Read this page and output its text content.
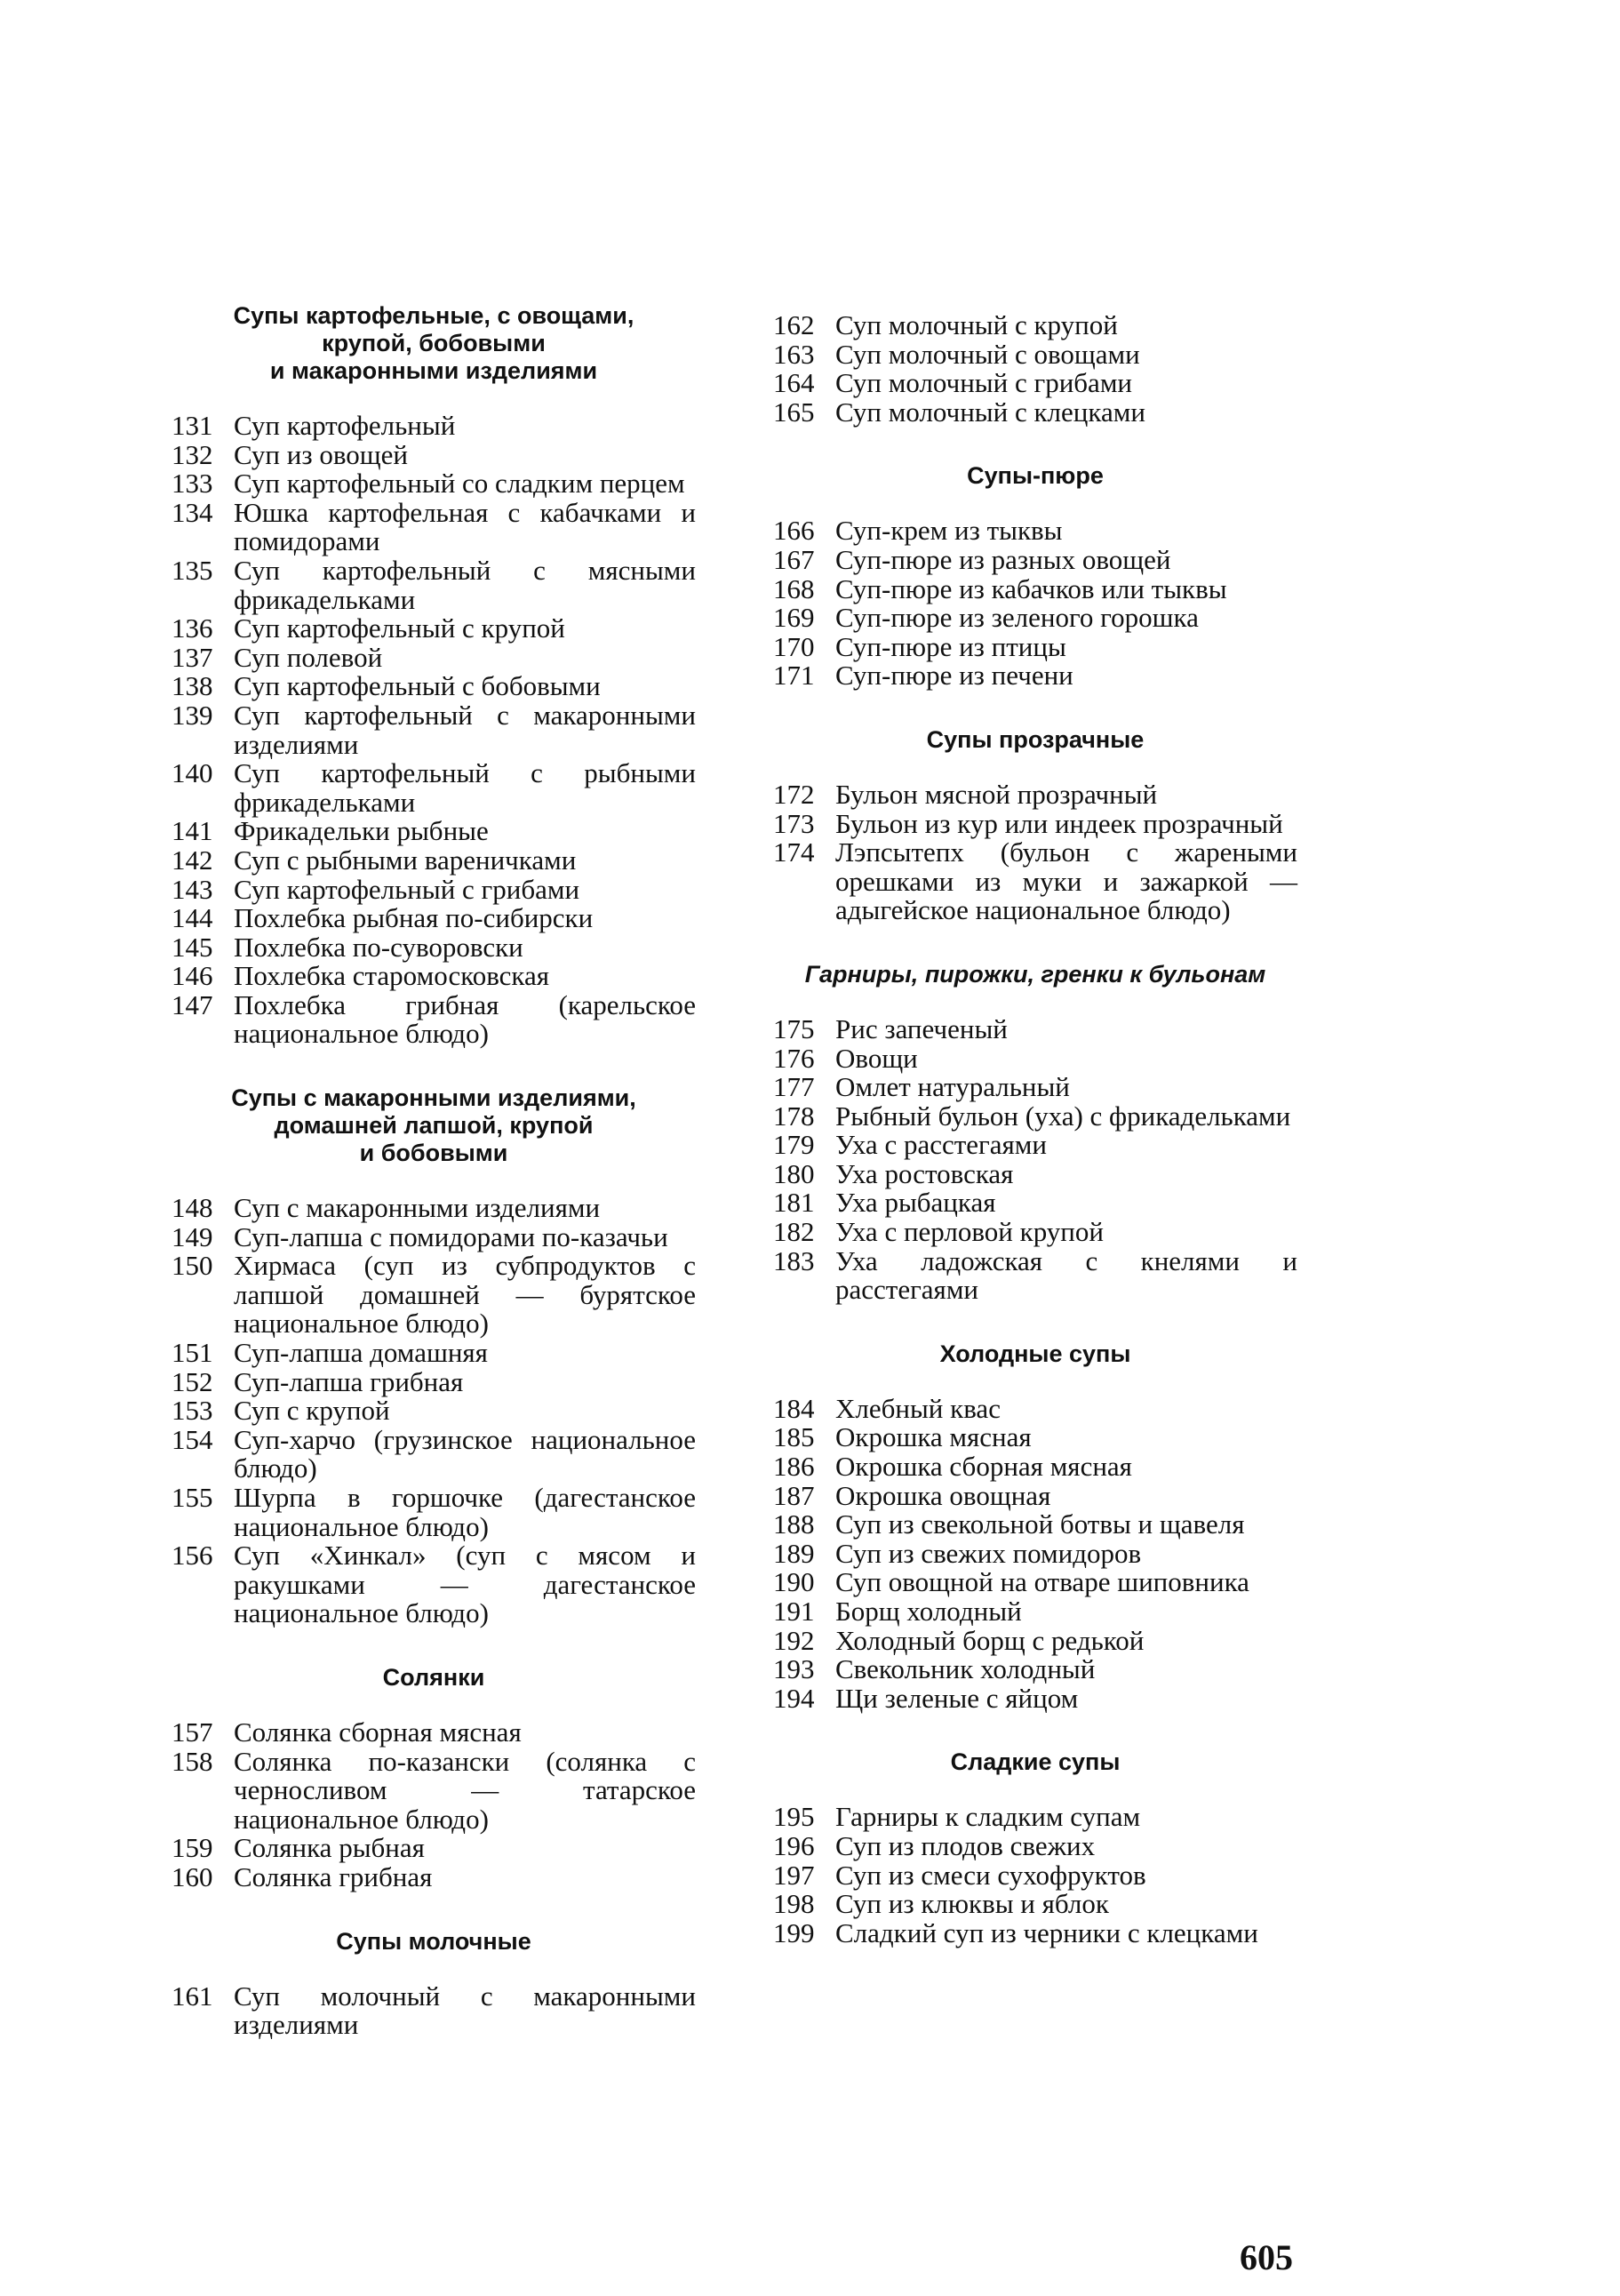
Супы картофельные, с овощами,
крупой, бобовыми
и макаронными изделиями
131 Суп картофельный
132 Суп из овощей
133 Суп картофельный со сладким перцем
134 Юшка картофельная с кабачками и помидорами
135 Суп картофельный с мясными фрикадельками
136 Суп картофельный с крупой
137 Суп полевой
138 Суп картофельный с бобовыми
139 Суп картофельный с макаронными изделиями
140 Суп картофельный с рыбными фрикадельками
141 Фрикадельки рыбные
142 Суп с рыбными вареничками
143 Суп картофельный с грибами
144 Похлебка рыбная по-сибирски
145 Похлебка по-суворовски
146 Похлебка старомосковская
147 Похлебка грибная (карельское национальное блюдо)
Супы с макаронными изделиями,
домашней лапшой, крупой
и бобовыми
148 Суп с макаронными изделиями
149 Суп-лапша с помидорами по-казачьи
150 Хирмаса (суп из субпродуктов с лапшой домашней — бурятское национальное блюдо)
151 Суп-лапша домашняя
152 Суп-лапша грибная
153 Суп с крупой
154 Суп-харчо (грузинское национальное блюдо)
155 Шурпа в горшочке (дагестанское национальное блюдо)
156 Суп «Хинкал» (суп с мясом и ракушками — дагестанское национальное блюдо)
Солянки
157 Солянка сборная мясная
158 Солянка по-казански (солянка с черносливом — татарское национальное блюдо)
159 Солянка рыбная
160 Солянка грибная
Супы молочные
161 Суп молочный с макаронными изделиями
162 Суп молочный с крупой
163 Суп молочный с овощами
164 Суп молочный с грибами
165 Суп молочный с клецками
Супы-пюре
166 Суп-крем из тыквы
167 Суп-пюре из разных овощей
168 Суп-пюре из кабачков или тыквы
169 Суп-пюре из зеленого горошка
170 Суп-пюре из птицы
171 Суп-пюре из печени
Супы прозрачные
172 Бульон мясной прозрачный
173 Бульон из кур или индеек прозрачный
174 Лэпсытепх (бульон с жареными орешками из муки и зажаркой — адыгейское национальное блюдо)
Гарниры, пирожки, гренки к бульонам
175 Рис запеченый
176 Овощи
177 Омлет натуральный
178 Рыбный бульон (уха) с фрикадельками
179 Уха с расстегаями
180 Уха ростовская
181 Уха рыбацкая
182 Уха с перловой крупой
183 Уха ладожская с кнелями и расстегаями
Холодные супы
184 Хлебный квас
185 Окрошка мясная
186 Окрошка сборная мясная
187 Окрошка овощная
188 Суп из свекольной ботвы и щавеля
189 Суп из свежих помидоров
190 Суп овощной на отваре шиповника
191 Борщ холодный
192 Холодный борщ с редькой
193 Свекольник холодный
194 Щи зеленые с яйцом
Сладкие супы
195 Гарниры к сладким супам
196 Суп из плодов свежих
197 Суп из смеси сухофруктов
198 Суп из клюквы и яблок
199 Сладкий суп из черники с клецками
605
